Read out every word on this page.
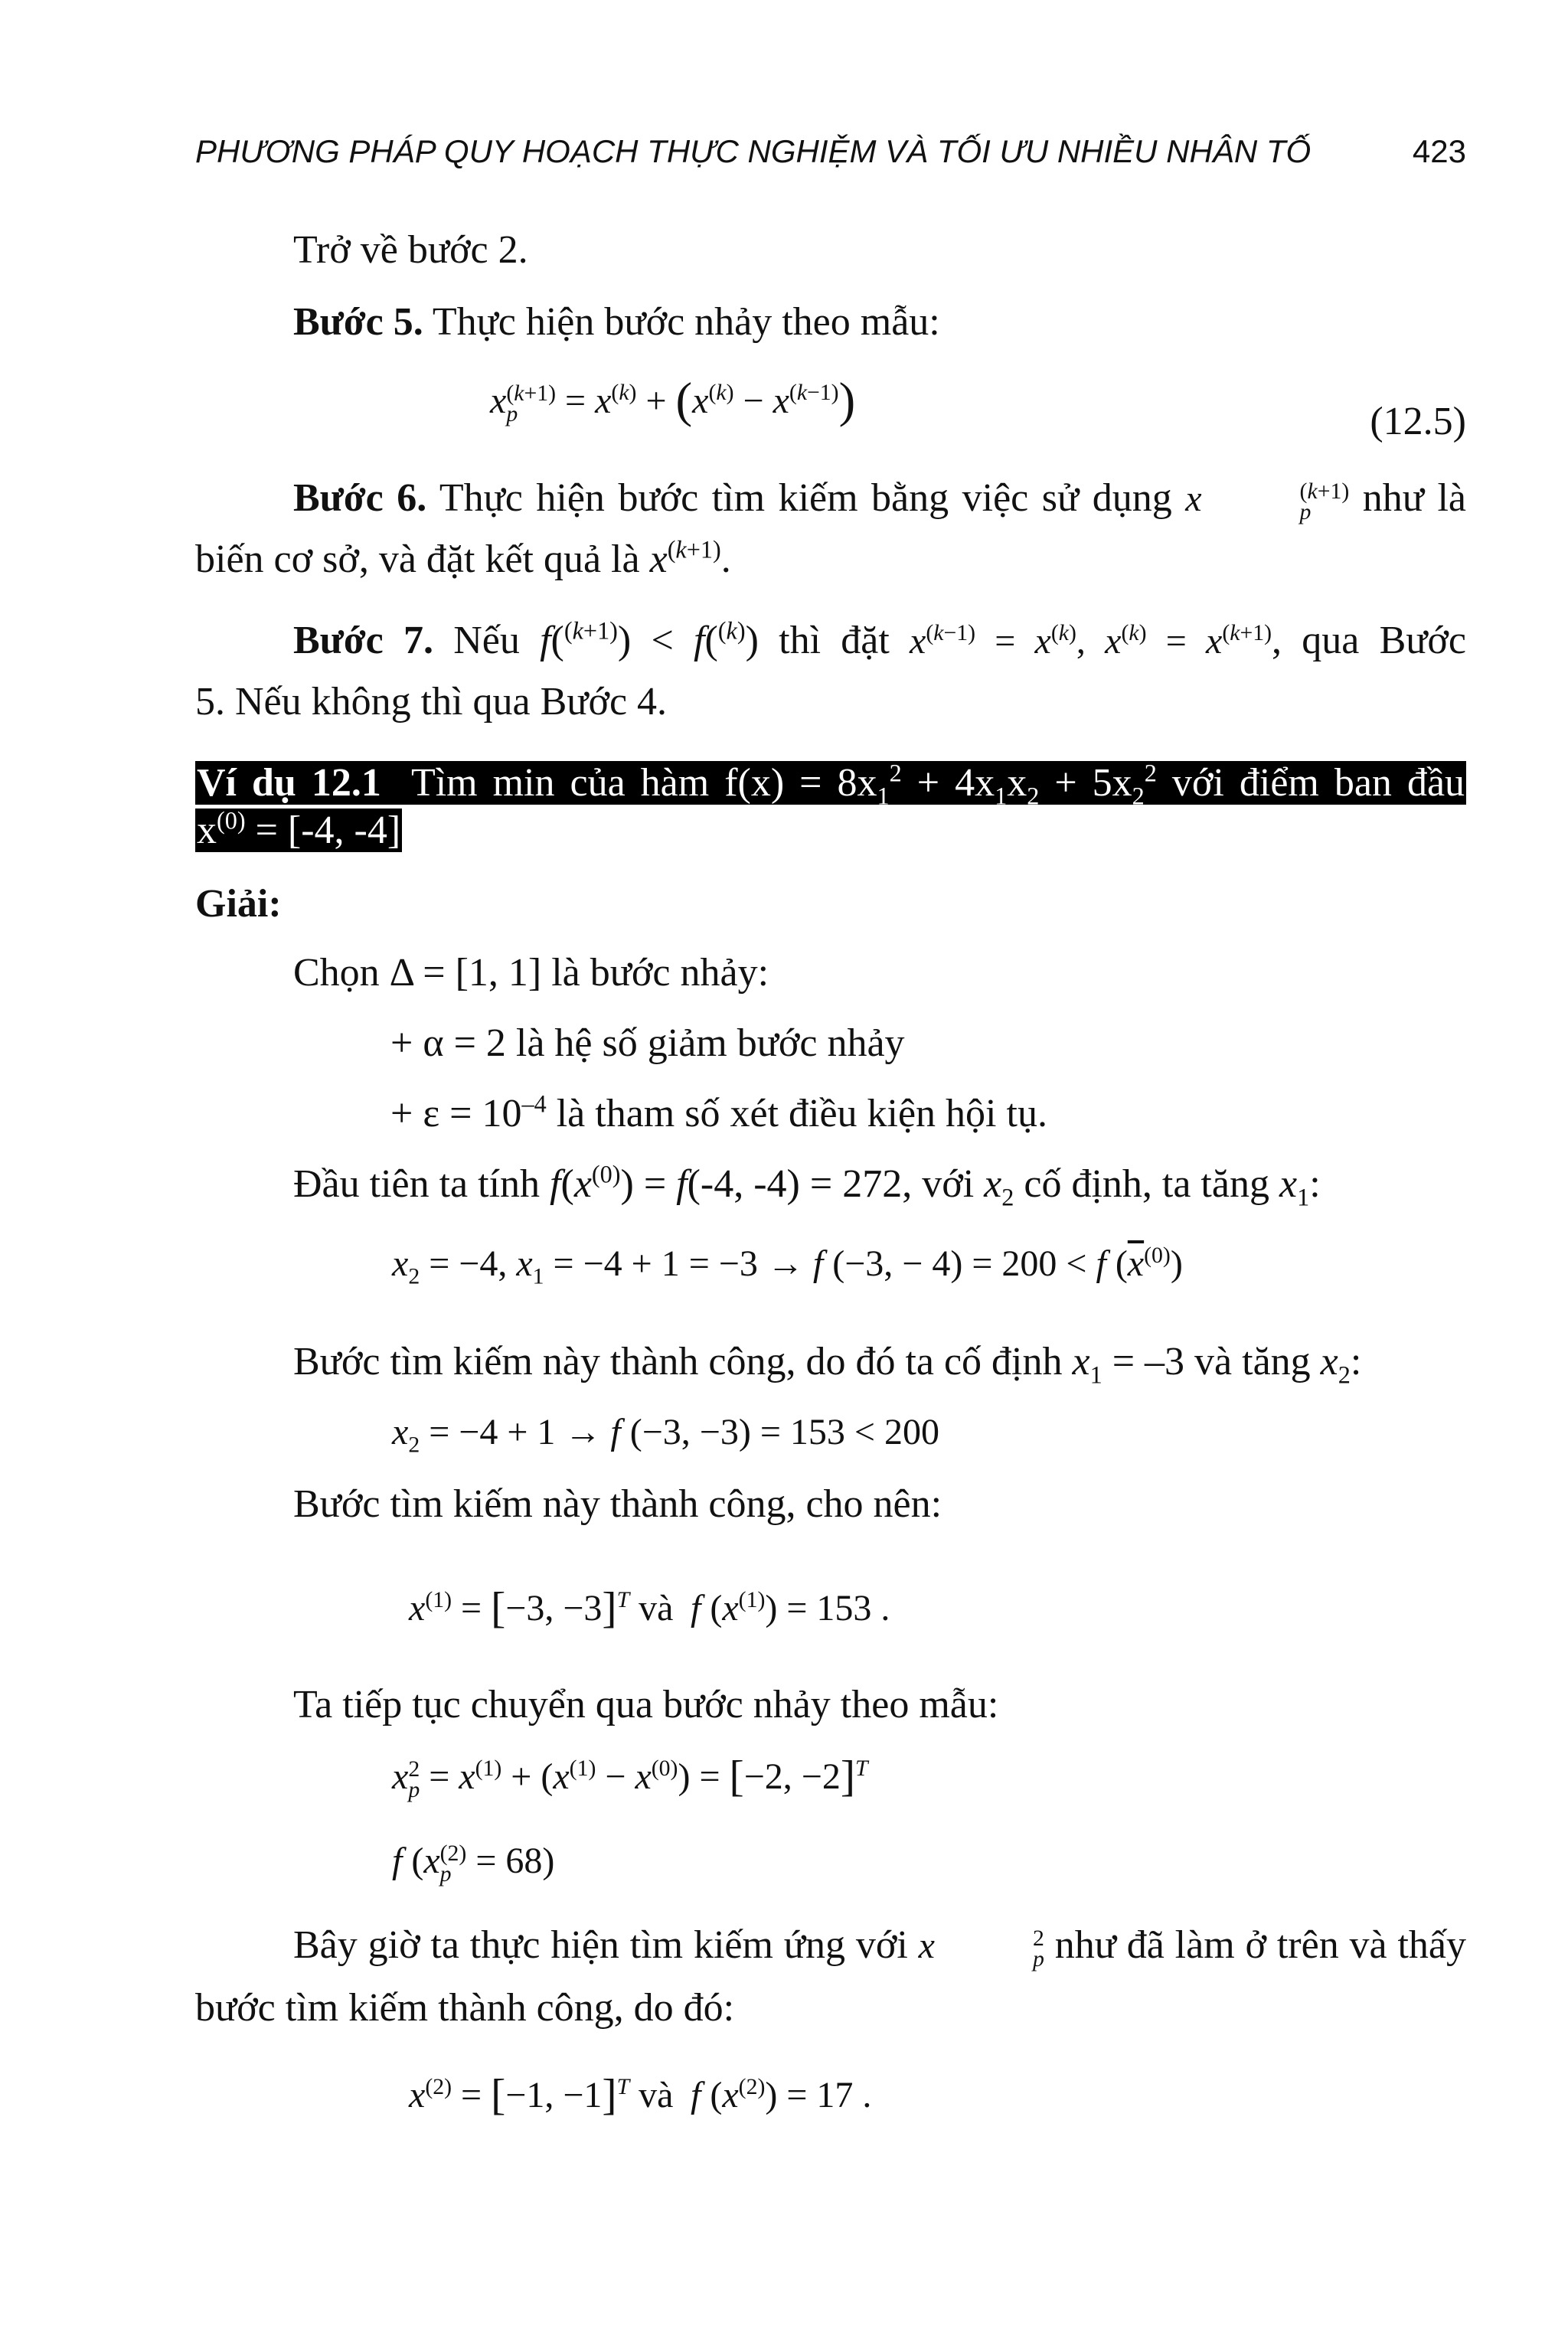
PHƯƠNG PHÁP QUY HOẠCH THỰC NGHIỆM VÀ TỐI ƯU NHIỀU NHÂN TỐ	423
Trở về bước 2.
Bước 5. Thực hiện bước nhảy theo mẫu:
x (k+1)
p	= $x^{(k)} + (x^{(k)} - x^{(k-1)})$	(12.5)
Bước 6. Thực hiện bước tìm kiếm bằng việc sử dụng x	(k+1)
p	như là
biến cơ sở, và đặt kết quả là $x^{(k+1)}$.
Bước 7. Nếu f($^{(k+1)}$) < f($^{(k)}$) thì đặt $x^{(k-1)} = x^{(k)}$, $x^{(k)} = x^{(k+1)}$, qua Bước
5. Nếu không thì qua Bước 4.
Ví dụ 12.1 Tìm min của hàm $f(x) = 8x_1^2 + 4x_1x_2 + 5x_2^2$ với điểm ban đầu
$x^{(0)} = [-4$, -4]
Giải:
Chọn Δ = [1, 1] là bước nhảy:
+ α = 2 là hệ số giảm bước nhảy
+ $\varepsilon = 10^{-4}$ là tham số xét điều kiện hội tụ.
Đầu tiên ta tính $f(x^{(0)}) = f(-4$, -4) = 272, với $x_2$ cố định, ta tăng $x_1$:
$x_2 = -4$, $x_1 = -4 + 1 = -3 \to f$ (−3, − 4) = 200 < f $(\overline{x}^{(0)})$
Bước tìm kiếm này thành công, do đó ta cố định $x_1 = -3$ và tăng $x_2$:
$x_2 = -4 + 1 \to f$ (−3, −3) = 153 < 200
Bước tìm kiếm này thành công, cho nên:
$x^{(1)} = [-3$, −3]$^T$ và f $(x^{(1)}) = 153$ .
Ta tiếp tục chuyển qua bước nhảy theo mẫu:
x 2
$p = x^{(1)} + (x^{(1)} - x^{(0)}) = [-2$, −2]$^T$
f (x (2)
p = 68)
Bây giờ ta thực hiện tìm kiếm ứng với x	2
p như đã làm ở trên và thấy
bước tìm kiếm thành công, do đó:
$x^{(2)} = [-1$, −1]$^T$ và f $(x^{(2)}) = 17$ .
